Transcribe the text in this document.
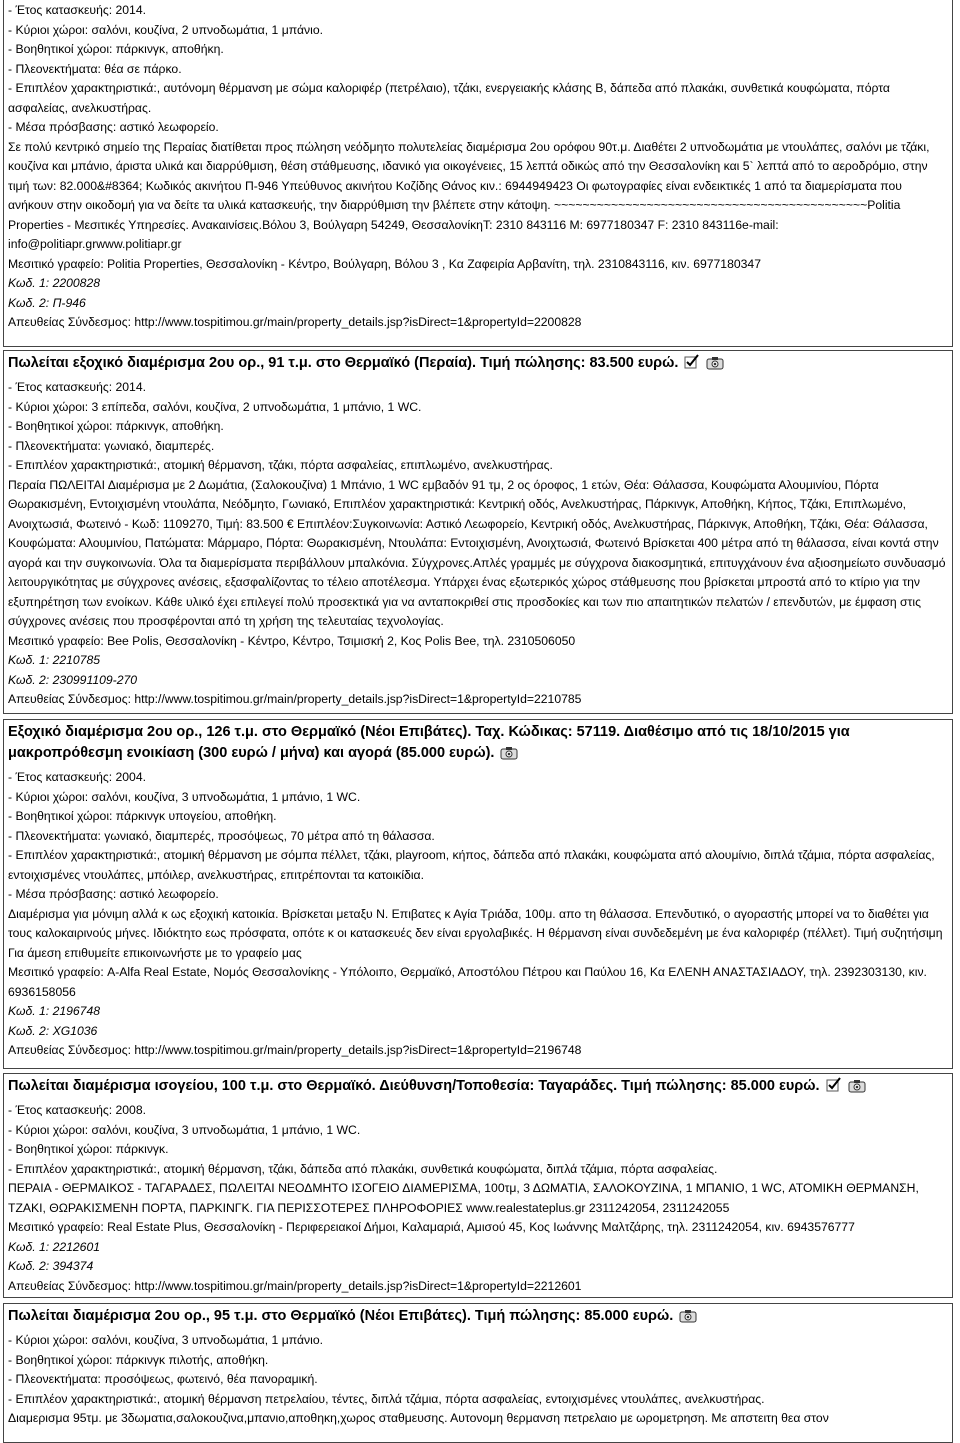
- Έτος κατασκευής: 2014.

- Κύριοι χώροι: σαλόνι, κουζίνα, 2 υπνοδωμάτια, 1 μπάνιο.

- Βοηθητικοί χώροι: πάρκινγκ, αποθήκη.

- Πλεονεκτήματα: θέα σε πάρκο.

- Επιπλέον χαρακτηριστικά:, αυτόνομη θέρμανση με σώμα καλοριφέρ (πετρέλαιο), τζάκι, ενεργειακής κλάσης Β, δάπεδα από πλακάκι, συνθετικά κουφώματα, πόρτα ασφαλείας, ανελκυστήρας.

- Μέσα πρόσβασης: αστικό λεωφορείο.

Σε πολύ κεντρικό σημείο της Περαίας διατίθεται προς πώληση νεόδμητο πολυτελείας διαμέρισμα 2ου ορόφου 90τ.μ. Διαθέτει 2 υπνοδωμάτια με ντουλάπες, σαλόνι με τζάκι, κουζίνα και μπάνιο, άριστα υλικά και διαρρύθμιση, θέση στάθμευσης, ιδανικό για οικογένειες, 15 λεπτά οδικώς από την Θεσσαλονίκη και 5` λεπτά από το αεροδρόμιο, στην τιμή των: 82.000&#8364; Κωδικός ακινήτου Π-946 Υπεύθυνος ακινήτου Κοζίδης Θάνος κιν.: 6944949423 Οι φωτογραφίες είναι ενδεικτικές 1 από τα διαμερίσματα που ανήκουν στην οικοδομή για να δείτε τα υλικά κατασκευής, την διαρρύθμιση την βλέπετε στην κάτοψη. ~~~~~~~~~~~~~~~~~~~~~~~~~~~~~~~~~~~~~~~~~~~~Politia Properties - Μεσιτικές Υπηρεσίες. Ανακαινίσεις.Βόλου 3, Βούλγαρη 54249, ΘεσσαλονίκηΤ: 2310 843116 M: 6977180347 F: 2310 843116e-mail: info@politiapr.grwww.politiapr.gr

Μεσιτικό γραφείο: Politia Properties, Θεσσαλονίκη - Κέντρο, Βούλγαρη, Βόλου 3 , Κα Ζαφειρία Αρβανίτη, τηλ. 2310843116, κιν. 6977180347

Κωδ. 1: 2200828

Κωδ. 2: Π-946

Απευθείας Σύνδεσμος: http://www.tospitimou.gr/main/property_details.jsp?isDirect=1&propertyId=2200828

Πωλείται εξοχικό διαμέρισμα 2ου ορ., 91 τ.μ. στο Θερμαϊκό (Περαία). Τιμή πώλησης: 83.500 ευρώ.

- Έτος κατασκευής: 2014.

- Κύριοι χώροι: 3 επίπεδα, σαλόνι, κουζίνα, 2 υπνοδωμάτια, 1 μπάνιο, 1 WC.

- Βοηθητικοί χώροι: πάρκινγκ, αποθήκη.

- Πλεονεκτήματα: γωνιακό, διαμπερές.

- Επιπλέον χαρακτηριστικά:, ατομική θέρμανση, τζάκι, πόρτα ασφαλείας, επιπλωμένο, ανελκυστήρας.

Περαία ΠΩΛΕΙΤΑΙ Διαμέρισμα με 2 Δωμάτια, (Σαλοκουζίνα) 1 Μπάνιο, 1 WC εμβαδόν 91 τμ, 2 ος όροφος, 1 ετών, Θέα: Θάλασσα, Κουφώματα Αλουμινίου, Πόρτα Θωρακισμένη, Εντοιχισμένη ντουλάπα, Νεόδμητο, Γωνιακό, Επιπλέον χαρακτηριστικά: Κεντρική οδός, Ανελκυστήρας, Πάρκινγκ, Αποθήκη, Κήπος, Τζάκι, Επιπλωμένο, Ανοιχτωσιά, Φωτεινό - Κωδ: 1109270, Τιμή: 83.500 € Επιπλέον:Συγκοινωνία: Αστικό Λεωφορείο, Κεντρική οδός, Ανελκυστήρας, Πάρκινγκ, Αποθήκη, Τζάκι, Θέα: Θάλασσα, Κουφώματα: Αλουμινίου, Πατώματα: Μάρμαρο, Πόρτα: Θωρακισμένη, Ντουλάπα: Εντοιχισμένη, Ανοιχτωσιά, Φωτεινό Βρίσκεται 400 μέτρα από τη θάλασσα, είναι κοντά στην αγορά και την συγκοινωνία. Όλα τα διαμερίσματα περιβάλλουν μπαλκόνια. Σύγχρονες.Απλές γραμμές με σύγχρονα διακοσμητικά, επιτυγχάνουν ένα αξιοσημείωτο συνδυασμό λειτουργικότητας με σύγχρονες ανέσεις, εξασφαλίζοντας το τέλειο αποτέλεσμα. Υπάρχει ένας εξωτερικός χώρος στάθμευσης που βρίσκεται μπροστά από το κτίριο για την εξυπηρέτηση των ενοίκων. Κάθε υλικό έχει επιλεγεί πολύ προσεκτικά για να ανταποκριθεί στις προσδοκίες και των πιο απαιτητικών πελατών / επενδυτών, με έμφαση στις σύγχρονες ανέσεις που προσφέρονται από τη χρήση της τελευταίας τεχνολογίας.

Μεσιτικό γραφείο: Bee Polis, Θεσσαλονίκη - Κέντρο, Κέντρο, Τσιμισκή 2, Κος Polis Bee, τηλ. 2310506050

Κωδ. 1: 2210785

Κωδ. 2: 230991109-270

Απευθείας Σύνδεσμος: http://www.tospitimou.gr/main/property_details.jsp?isDirect=1&propertyId=2210785

Εξοχικό διαμέρισμα 2ου ορ., 126 τ.μ. στο Θερμαϊκό (Νέοι Επιβάτες). Ταχ. Κώδικας: 57119. Διαθέσιμο από τις 18/10/2015 για μακροπρόθεσμη ενοικίαση (300 ευρώ / μήνα) και αγορά (85.000 ευρώ).

- Έτος κατασκευής: 2004.

- Κύριοι χώροι: σαλόνι, κουζίνα, 3 υπνοδωμάτια, 1 μπάνιο, 1 WC.

- Βοηθητικοί χώροι: πάρκινγκ υπογείου, αποθήκη.

- Πλεονεκτήματα: γωνιακό, διαμπερές, προσόψεως, 70 μέτρα από τη θάλασσα.

- Επιπλέον χαρακτηριστικά:, ατομική θέρμανση με σόμπα πέλλετ, τζάκι, playroom, κήπος, δάπεδα από πλακάκι, κουφώματα από αλουμίνιο, διπλά τζάμια, πόρτα ασφαλείας, εντοιχισμένες ντουλάπες, μπόιλερ, ανελκυστήρας, επιτρέπονται τα κατοικίδια.

- Μέσα πρόσβασης: αστικό λεωφορείο.

Διαμέρισμα για μόνιμη αλλά κ ως εξοχική κατοικία. Βρίσκεται μεταξυ Ν. Επιβατες κ Αγία Τριάδα, 100μ. απο τη θάλασσα. Επενδυτικό, ο αγοραστής μπορεί να το διαθέτει για τους καλοκαιρινούς μήνες. Ιδιόκτητο εως πρόσφατα, οπότε κ οι κατασκευές δεν είναι εργολαβικές. Η θέρμανση είναι συνδεδεμένη με ένα καλοριφέρ (πέλλετ). Τιμή συζητήσιμη Για άμεση επιθυμείτε επικοινωνήστε με το γραφείο μας

Μεσιτικό γραφείο: A-Alfa Real Estate, Νομός Θεσσαλονίκης - Υπόλοιπο, Θερμαϊκό, Αποστόλου Πέτρου και Παύλου 16, Κα ΕΛΕΝΗ ΑΝΑΣΤΑΣΙΑΔΟΥ, τηλ. 2392303130, κιν. 6936158056

Κωδ. 1: 2196748

Κωδ. 2: XG1036

Απευθείας Σύνδεσμος: http://www.tospitimou.gr/main/property_details.jsp?isDirect=1&propertyId=2196748

Πωλείται διαμέρισμα ισογείου, 100 τ.μ. στο Θερμαϊκό. Διεύθυνση/Τοποθεσία: Ταγαράδες. Τιμή πώλησης: 85.000 ευρώ.

- Έτος κατασκευής: 2008.

- Κύριοι χώροι: σαλόνι, κουζίνα, 3 υπνοδωμάτια, 1 μπάνιο, 1 WC.

- Βοηθητικοί χώροι: πάρκινγκ.

- Επιπλέον χαρακτηριστικά:, ατομική θέρμανση, τζάκι, δάπεδα από πλακάκι, συνθετικά κουφώματα, διπλά τζάμια, πόρτα ασφαλείας.

ΠΕΡΑΙΑ - ΘΕΡΜΑΙΚΟΣ - ΤΑΓΑΡΑΔΕΣ, ΠΩΛΕΙΤΑΙ ΝΕΟΔΜΗΤΟ ΙΣΟΓΕΙΟ ΔΙΑΜΕΡΙΣΜΑ, 100τμ, 3 ΔΩΜΑΤΙΑ, ΣΑΛΟΚΟΥΖΙΝΑ, 1 ΜΠΑΝΙΟ, 1 WC, ΑΤΟΜΙΚΗ ΘΕΡΜΑΝΣΗ, ΤΖΑΚΙ, ΘΩΡΑΚΙΣΜΕΝΗ ΠΟΡΤΑ, ΠΑΡΚΙΝΓΚ. ΓΙΑ ΠΕΡΙΣΣΟΤΕΡΕΣ ΠΛΗΡΟΦΟΡΙΕΣ www.realestateplus.gr 2311242054, 2311242055

Μεσιτικό γραφείο: Real Estate Plus, Θεσσαλονίκη - Περιφερειακοί Δήμοι, Καλαμαριά, Αμισού 45, Κος Ιωάννης Μαλτζάρης, τηλ. 2311242054, κιν. 6943576777

Κωδ. 1: 2212601

Κωδ. 2: 394374

Απευθείας Σύνδεσμος: http://www.tospitimou.gr/main/property_details.jsp?isDirect=1&propertyId=2212601

Πωλείται διαμέρισμα 2ου ορ., 95 τ.μ. στο Θερμαϊκό (Νέοι Επιβάτες). Τιμή πώλησης: 85.000 ευρώ.

- Κύριοι χώροι: σαλόνι, κουζίνα, 3 υπνοδωμάτια, 1 μπάνιο.

- Βοηθητικοί χώροι: πάρκινγκ πιλοτής, αποθήκη.

- Πλεονεκτήματα: προσόψεως, φωτεινό, θέα πανοραμική.

- Επιπλέον χαρακτηριστικά:, ατομική θέρμανση πετρελαίου, τέντες, διπλά τζάμια, πόρτα ασφαλείας, εντοιχισμένες ντουλάπες, ανελκυστήρας.

Διαμερισμα 95τμ. με 3δωματια,σαλοκουζινα,μπανιο,αποθηκη,χωρος σταθμευσης. Αυτονομη θερμανση πετρελαιο με ωρομετρηση. Με απστειτη θεα στον
